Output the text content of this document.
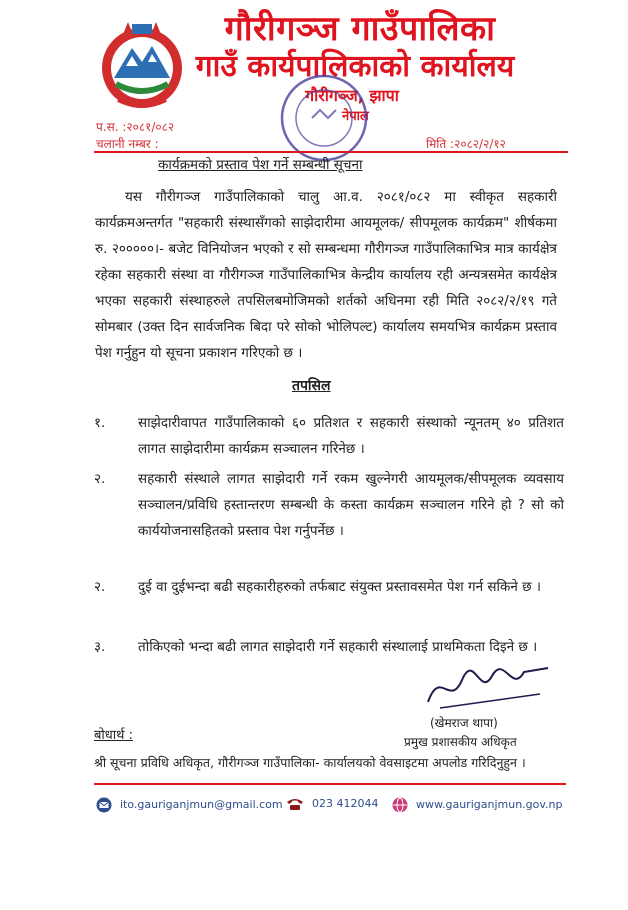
गौरीगञ्ज गाउँपालिका
गाउँ कार्यपालिकाको कार्यालय
गौरीगञ्ज, झापा
नेपाल
प.स. :२०८१/०८२
चलानी नम्बर :	मिति :२०८२/२/१२
कार्यक्रमको प्रस्ताव पेश गर्ने सम्बन्धी सूचना

यस गौरीगञ्ज गाउँपालिकाको चालु आ.व. २०८१/०८२ मा स्वीकृत सहकारी कार्यक्रमअन्तर्गत "सहकारी संस्थासँगको साझेदारीमा आयमूलक/ सीपमूलक कार्यक्रम" शीर्षकमा रु. २०००००।- बजेट विनियोजन भएको र सो सम्बन्धमा गौरीगञ्ज गाउँपालिकाभित्र मात्र कार्यक्षेत्र रहेका सहकारी संस्था वा गौरीगञ्ज गाउँपालिकाभित्र केन्द्रीय कार्यालय रही अन्यत्रसमेत कार्यक्षेत्र भएका सहकारी संस्थाहरुले तपसिलबमोजिमको शर्तको अधिनमा रही मिति २०८२/२/१९ गते सोमबार (उक्त दिन सार्वजनिक बिदा परे सोको भोलिपल्ट) कार्यालय समयभित्र कार्यक्रम प्रस्ताव पेश गर्नुहुन यो सूचना प्रकाशन गरिएको छ ।

तपसिल
१.	साझेदारीवापत गाउँपालिकाको ६० प्रतिशत र सहकारी संस्थाको न्यूनतम् ४० प्रतिशत लागत साझेदारीमा कार्यक्रम सञ्चालन गरिनेछ ।
२.	सहकारी संस्थाले लागत साझेदारी गर्ने रकम खुल्नेगरी आयमूलक/सीपमूलक व्यवसाय सञ्चालन/प्रविधि हस्तान्तरण सम्बन्धी के कस्ता कार्यक्रम सञ्चालन गरिने हो ? सो को कार्ययोजनासहितको प्रस्ताव पेश गर्नुपर्नेछ ।
२.	दुई वा दुईभन्दा बढी सहकारीहरुको तर्फबाट संयुक्त प्रस्तावसमेत पेश गर्न सकिने छ ।
३.	तोकिएको भन्दा बढी लागत साझेदारी गर्ने सहकारी संस्थालाई प्राथमिकता दिइने छ ।
(खेमराज थापा)
प्रमुख प्रशासकीय अधिकृत
बोधार्थ :
श्री सूचना प्रविधि अधिकृत, गौरीगञ्ज गाउँपालिका- कार्यालयको वेवसाइटमा अपलोड गरिदिनुहुन ।
ito.gauriganjmun@gmail.com	023 412044	www.gauriganjmun.gov.np
